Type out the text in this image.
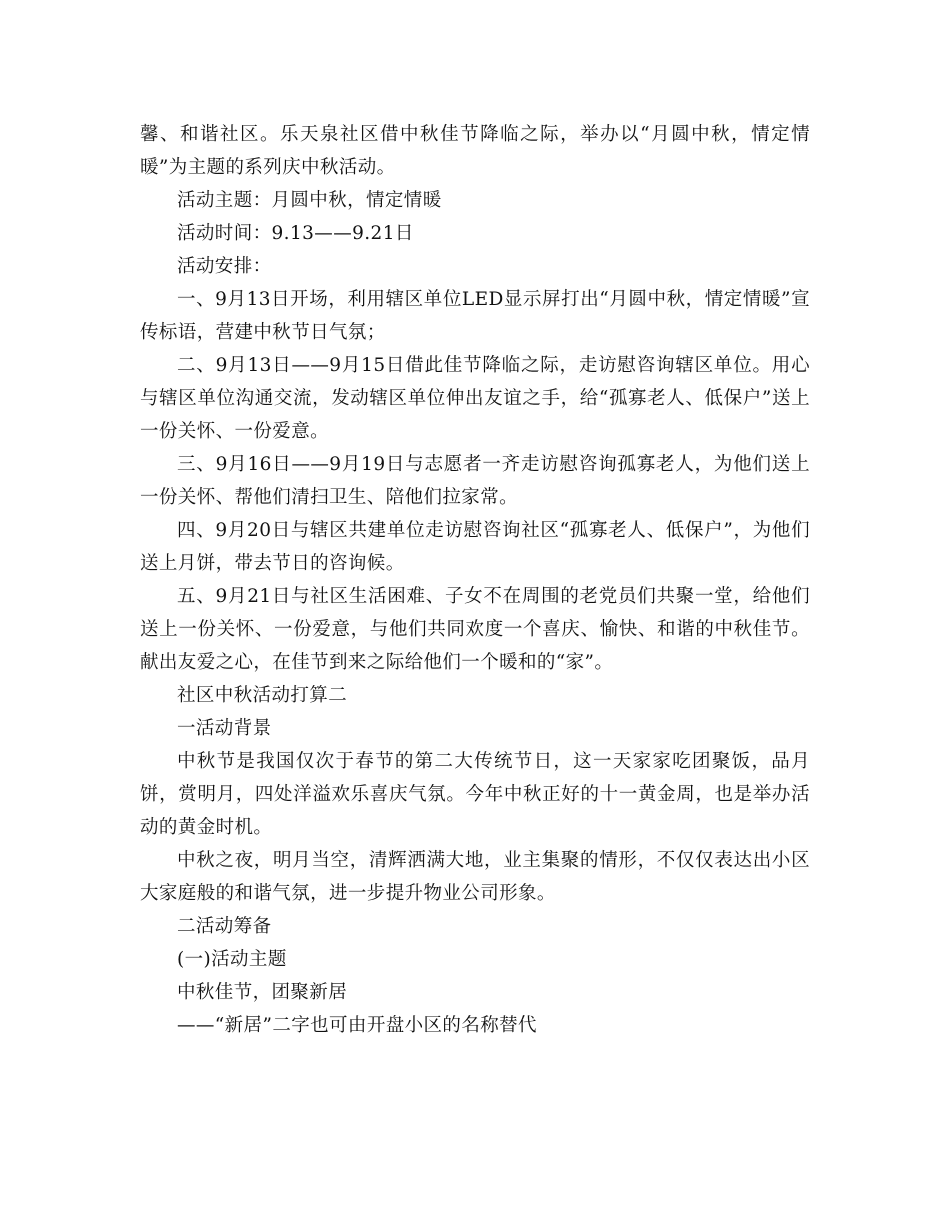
馨、和谐社区。乐天泉社区借中秋佳节降临之际，举办以“月圆中秋，情定情暖”为主题的系列庆中秋活动。

活动主题：月圆中秋，情定情暖

活动时间：9.13——9.21日

活动安排：

一、9月13日开场，利用辖区单位LED显示屏打出“月圆中秋，情定情暖”宣传标语，营建中秋节日气氛；

二、9月13日——9月15日借此佳节降临之际，走访慰咨询辖区单位。用心与辖区单位沟通交流，发动辖区单位伸出友谊之手，给“孤寡老人、低保户”送上一份关怀、一份爱意。

三、9月16日——9月19日与志愿者一齐走访慰咨询孤寡老人，为他们送上一份关怀、帮他们清扫卫生、陪他们拉家常。

四、9月20日与辖区共建单位走访慰咨询社区“孤寡老人、低保户”，为他们送上月饼，带去节日的咨询候。

五、9月21日与社区生活困难、子女不在周围的老党员们共聚一堂，给他们送上一份关怀、一份爱意，与他们共同欢度一个喜庆、愉快、和谐的中秋佳节。献出友爱之心，在佳节到来之际给他们一个暖和的“家”。

社区中秋活动打算二

一活动背景

中秋节是我国仅次于春节的第二大传统节日，这一天家家吃团聚饭，品月饼，赏明月，四处洋溢欢乐喜庆气氛。今年中秋正好的十一黄金周，也是举办活动的黄金时机。

中秋之夜，明月当空，清辉洒满大地，业主集聚的情形，不仅仅表达出小区大家庭般的和谐气氛，进一步提升物业公司形象。

二活动筹备

(一)活动主题

中秋佳节，团聚新居

——“新居”二字也可由开盘小区的名称替代
